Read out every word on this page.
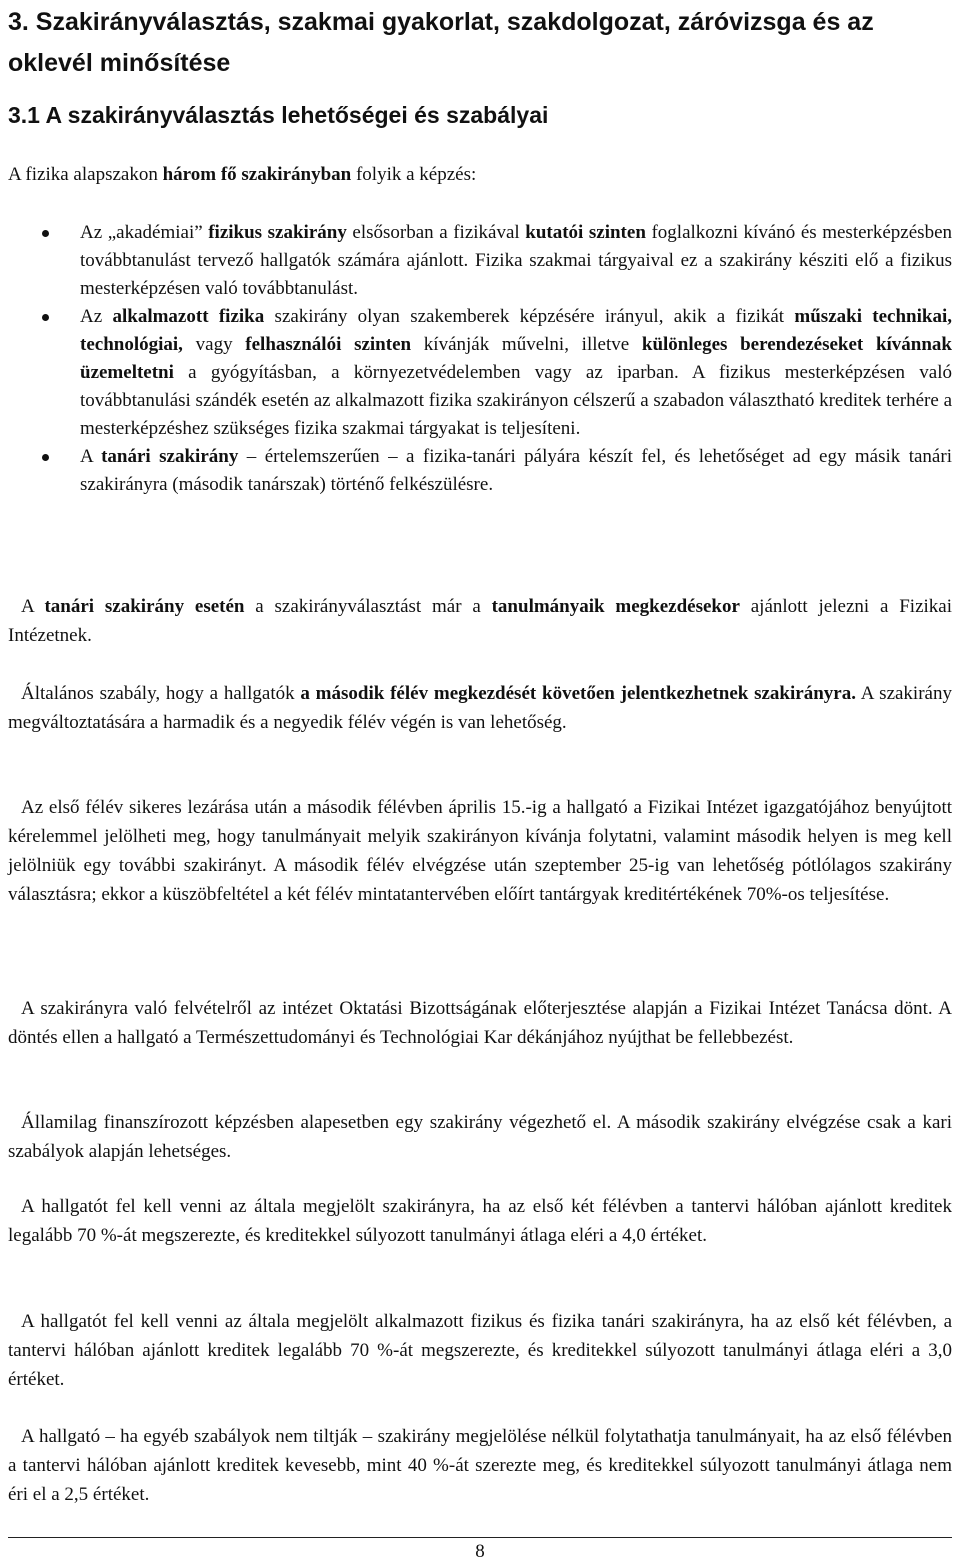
3. Szakirányválasztás, szakmai gyakorlat, szakdolgozat, záróvizsga és az oklevél minősítése
3.1 A szakirányválasztás lehetőségei és szabályai
A fizika alapszakon három fő szakirányban folyik a képzés:
Az „akadémiai” fizikus szakirány elsősorban a fizikával kutatói szinten foglalkozni kívánó és mesterképzésben továbbtanulást tervező hallgatók számára ajánlott. Fizika szakmai tárgyaival ez a szakirány késziti elő a fizikus mesterképzésen való továbbtanulást.
Az alkalmazott fizika szakirány olyan szakemberek képzésére irányul, akik a fizikát műszaki technikai, technológiai, vagy felhasználói szinten kívánják művelni, illetve különleges berendezéseket kívánnak üzemeltetni a gyógyításban, a környezetvédelemben vagy az iparban. A fizikus mesterképzésen való továbbtanulási szándék esetén az alkalmazott fizika szakirányon célszerű a szabadon választható kreditek terhére a mesterképzéshez szükséges fizika szakmai tárgyakat is teljesíteni.
A tanári szakirány – értelemszerűen – a fizika-tanári pályára készít fel, és lehetőséget ad egy másik tanári szakirányra (második tanárszak) történő felkészülésre.

A tanári szakirány esetén a szakirányválasztást már a tanulmányaik megkezdésekor ajánlott jelezni a Fizikai Intézetnek.

Általános szabály, hogy a hallgatók a második félév megkezdését követően jelentkezhetnek szakirányra. A szakirány megváltoztatására a harmadik és a negyedik félév végén is van lehetőség.

Az első félév sikeres lezárása után a második félévben április 15.-ig a hallgató a Fizikai Intézet igazgatójához benyújtott kérelemmel jelölheti meg, hogy tanulmányait melyik szakirányon kívánja folytatni, valamint második helyen is meg kell jelölniük egy további szakirányt. A második félév elvégzése után szeptember 25-ig van lehetőség pótlólagos szakirány választásra; ekkor a küszöbfeltétel a két félév mintatantervében előírt tantárgyak kreditértékének 70%-os teljesítése.

A szakirányra való felvételről az intézet Oktatási Bizottságának előterjesztése alapján a Fizikai Intézet Tanácsa dönt. A döntés ellen a hallgató a Természettudományi és Technológiai Kar dékánjához nyújthat be fellebbezést.

Államilag finanszírozott képzésben alapesetben egy szakirány végezhető el. A második szakirány elvégzése csak a kari szabályok alapján lehetséges.

A hallgatót fel kell venni az általa megjelölt szakirányra, ha az első két félévben a tantervi hálóban ajánlott kreditek legalább 70 %-át megszerezte, és kreditekkel súlyozott tanulmányi átlaga eléri a 4,0 értéket.

A hallgatót fel kell venni az általa megjelölt alkalmazott fizikus és fizika tanári szakirányra, ha az első két félévben, a tantervi hálóban ajánlott kreditek legalább 70 %-át megszerezte, és kreditekkel súlyozott tanulmányi átlaga eléri a 3,0 értéket.

A hallgató – ha egyéb szabályok nem tiltják – szakirány megjelölése nélkül folytathatja tanulmányait, ha az első félévben a tantervi hálóban ajánlott kreditek kevesebb, mint 40 %-át szerezte meg, és kreditekkel súlyozott tanulmányi átlaga nem éri el a 2,5 értéket.

8
